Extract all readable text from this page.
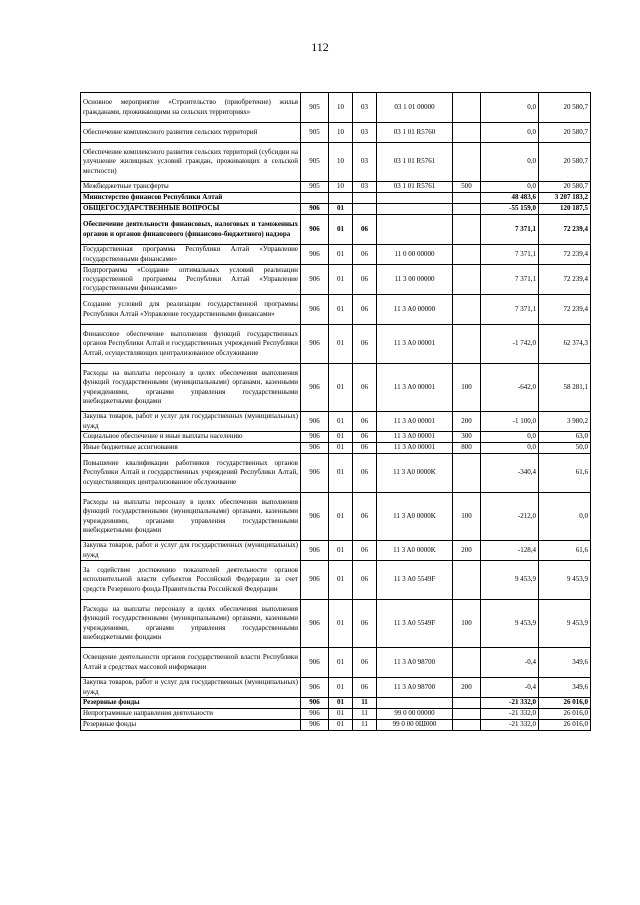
112
Основное мероприятие «Строительство (приобретение) жилья гражданами, проживающими на сельских территориях»	905	10	03	03 1 01 00000		0,0	20 580,7
Обеспечение комплексного развития сельских территорий	905	10	03	03 1 01 R5760		0,0	20 580,7
Обеспечение комплексного развития сельских территорий (субсидии на улучшение жилищных условий граждан, проживающих в сельской местности)	905	10	03	03 1 01 R5761		0,0	20 580,7
Межбюджетные трансферты	905	10	03	03 1 01 R5761	500	0,0	20 580,7
Министерство финансов Республики Алтай						48 483,6	3 207 183,2
ОБЩЕГОСУДАРСТВЕННЫЕ ВОПРОСЫ	906	01				-55 159,0	120 187,5
Обеспечение деятельности финансовых, налоговых и таможенных органов и органов финансового (финансово-бюджетного) надзора	906	01	06			7 371,1	72 239,4
Государственная программа Республики Алтай «Управление государственными финансами»	906	01	06	11 0 00 00000		7 371,1	72 239,4
Подпрограмма «Создание оптимальных условий реализации государственной программы Республики Алтай «Управление государственными финансами»	906	01	06	11 3 00 00000		7 371,1	72 239,4
Создание условий для реализации государственной программы Республики Алтай «Управление государственными финансами»	906	01	06	11 3 A0 00000		7 371,1	72 239,4
Финансовое обеспечение выполнения функций государственных органов Республики Алтай и государственных учреждений Республики Алтай, осуществляющих централизованное обслуживание	906	01	06	11 3 A0 00001		-1 742,0	62 374,3
Расходы на выплаты персоналу в целях обеспечения выполнения функций государственными (муниципальными) органами, казенными учреждениями, органами управления государственными внебюджетными фондами	906	01	06	11 3 A0 00001	100	-642,0	58 281,1
Закупка товаров, работ и услуг для государственных (муниципальных) нужд	906	01	06	11 3 A0 00001	200	-1 100,0	3 980,2
Социальное обеспечение и иные выплаты населению	906	01	06	11 3 A0 00001	300	0,0	63,0
Иные бюджетные ассигнования	906	01	06	11 3 A0 00001	800	0,0	50,0
Повышение квалификации работников государственных органов Республики Алтай и государственных учреждений Республики Алтай, осуществляющих централизованное обслуживание	906	01	06	11 3 A0 0000K		-340,4	61,6
Расходы на выплаты персоналу в целях обеспечения выполнения функций государственными (муниципальными) органами, казенными учреждениями, органами управления государственными внебюджетными фондами	906	01	06	11 3 A0 0000K	100	-212,0	0,0
Закупка товаров, работ и услуг для государственных (муниципальных) нужд	906	01	06	11 3 A0 0000K	200	-128,4	61,6
За содействие достижению показателей деятельности органов исполнительной власти субъектов Российской Федерации за счет средств Резервного фонда Правительства Российской Федерации	906	01	06	11 3 A0 5549F		9 453,9	9 453,9
Расходы на выплаты персоналу в целях обеспечения выполнения функций государственными (муниципальными) органами, казенными учреждениями, органами управления государственными внебюджетными фондами	906	01	06	11 3 A0 5549F	100	9 453,9	9 453,9
Освещение деятельности органов государственной власти Республики Алтай в средствах массовой информации	906	01	06	11 3 A0 98700		-0,4	349,6
Закупка товаров, работ и услуг для государственных (муниципальных) нужд	906	01	06	11 3 A0 98700	200	-0,4	349,6
Резервные фонды	906	01	11			-21 332,0	26 016,0
Непрограммные направления деятельности	906	01	11	99 0 00 00000		-21 332,0	26 016,0
Резервные фонды	906	01	11	99 0 00 0Ш000		-21 332,0	26 016,0
